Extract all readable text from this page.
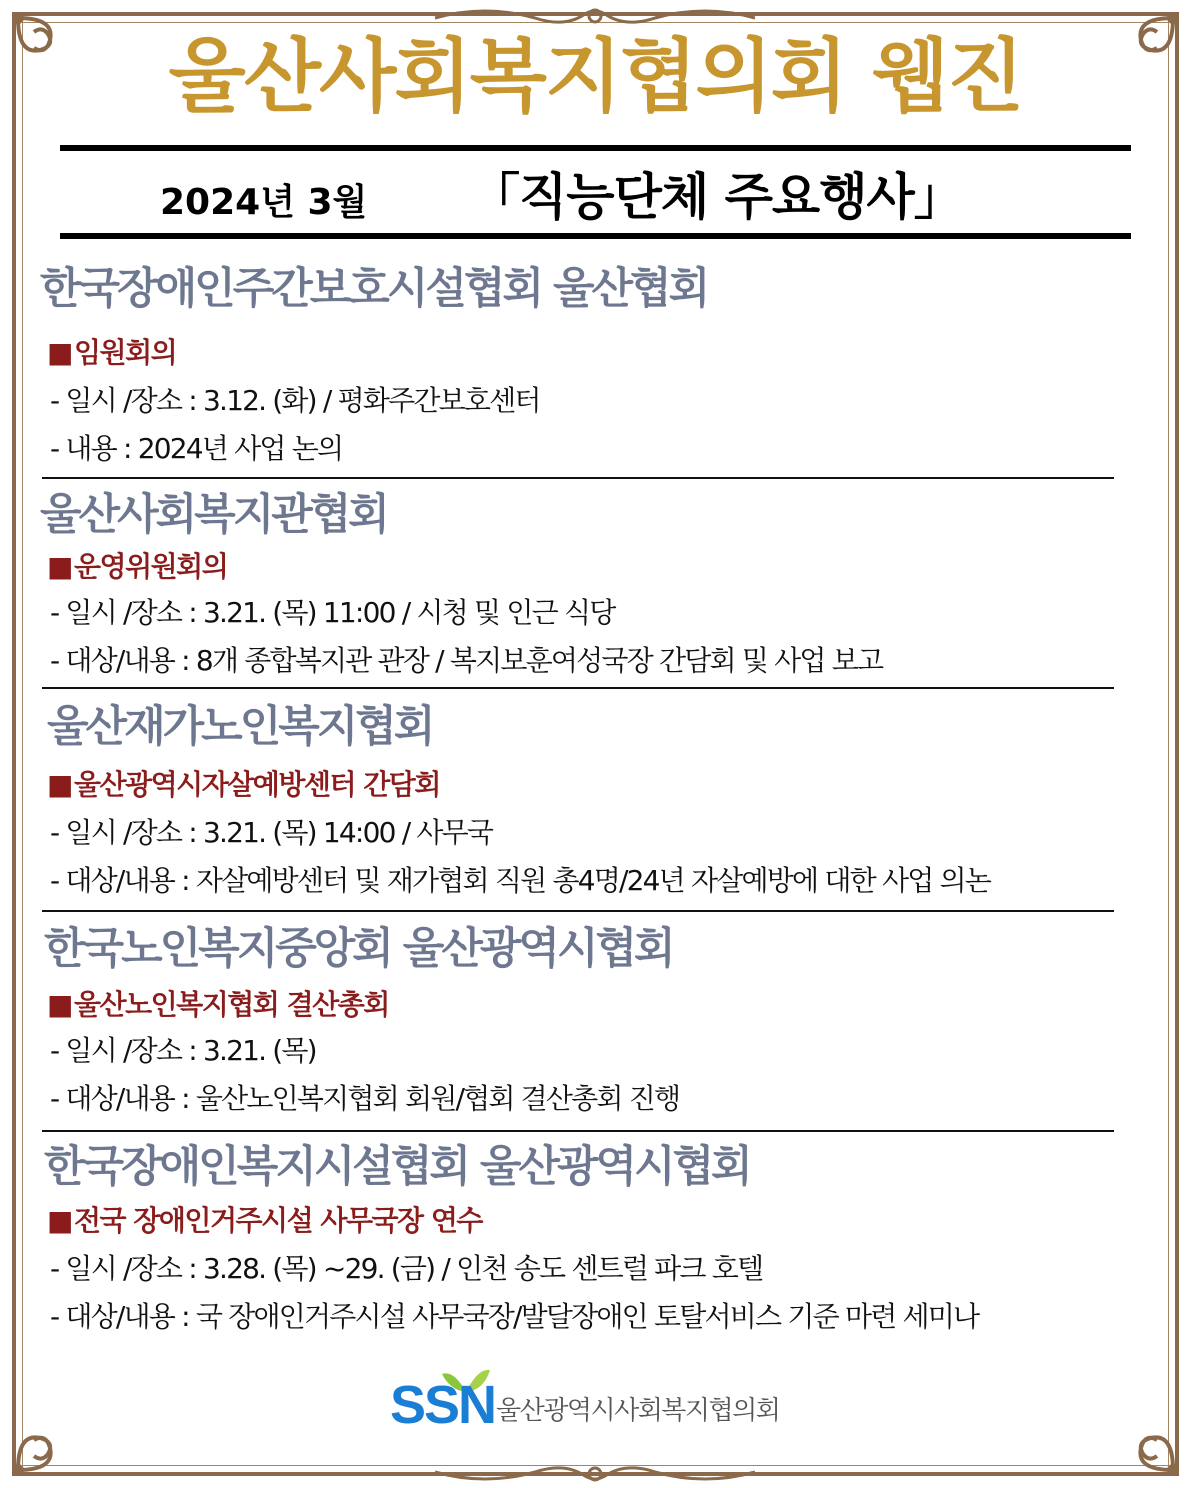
울산사회복지협의회 웹진
2024년 3월 「직능단체 주요행사」
한국장애인주간보호시설협회 울산협회
■임원회의
- 일시 /장소 : 3.12. (화) / 평화주간보호센터
- 내용 : 2024년 사업 논의
울산사회복지관협회
■운영위원회의
- 일시 /장소 : 3.21. (목) 11:00 / 시청 및 인근 식당
- 대상/내용 : 8개 종합복지관 관장 / 복지보훈여성국장 간담회 및 사업 보고
울산재가노인복지협회
■울산광역시자살예방센터 간담회
- 일시 /장소 : 3.21. (목) 14:00 / 사무국
- 대상/내용 : 자살예방센터 및 재가협회 직원 총4명/24년 자살예방에 대한 사업 의논
한국노인복지중앙회 울산광역시협회
■울산노인복지협회 결산총회
- 일시 /장소 : 3.21. (목)
- 대상/내용 : 울산노인복지협회 회원/협회 결산총회 진행
한국장애인복지시설협회 울산광역시협회
■전국 장애인거주시설 사무국장 연수
- 일시 /장소 : 3.28. (목) ~29. (금) / 인천 송도 센트럴 파크 호텔
- 대상/내용 : 국 장애인거주시설 사무국장/발달장애인 토탈서비스 기준 마련 세미나
SSN 울산광역시사회복지협의회
